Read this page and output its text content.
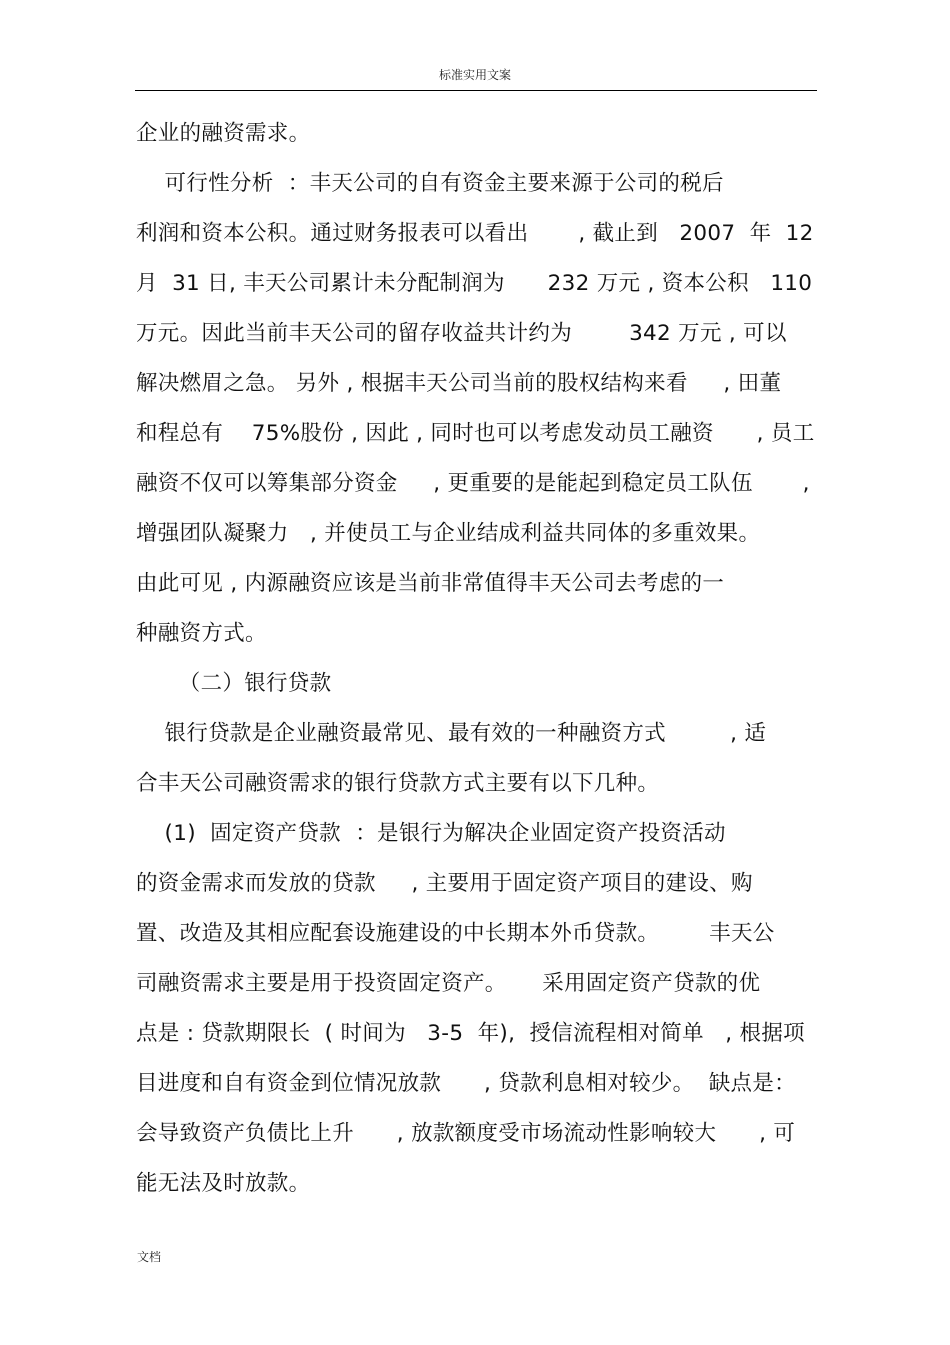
标准实用文案
企业的融资需求。
可行性分析  ：丰天公司的自有资金主要来源于公司的税后
利润和资本公积。通过财务报表可以看出       , 截止到   2007  年  12
月  31 日, 丰天公司累计未分配制润为      232 万元 , 资本公积   110
万元。因此当前丰天公司的留存收益共计约为        342 万元 , 可以
解决燃眉之急。 另外 , 根据丰天公司当前的股权结构来看     , 田董
和程总有    75%股份 , 因此 , 同时也可以考虑发动员工融资      , 员工
融资不仅可以筹集部分资金     , 更重要的是能起到稳定员工队伍       ,
增强团队凝聚力   , 并使员工与企业结成利益共同体的多重效果。
由此可见 , 内源融资应该是当前非常值得丰天公司去考虑的一
种融资方式。
（二）银行贷款
银行贷款是企业融资最常见、最有效的一种融资方式         , 适
合丰天公司融资需求的银行贷款方式主要有以下几种。
(1)  固定资产贷款  ：是银行为解决企业固定资产投资活动
的资金需求而发放的贷款     , 主要用于固定资产项目的建设、购
置、改造及其相应配套设施建设的中长期本外币贷款。       丰天公
司融资需求主要是用于投资固定资产。     采用固定资产贷款的优
点是 : 贷款期限长  ( 时间为   3-5  年),  授信流程相对简单   , 根据项
目进度和自有资金到位情况放款      , 贷款利息相对较少。  缺点是：
会导致资产负债比上升      , 放款额度受市场流动性影响较大      , 可
能无法及时放款。
文档
